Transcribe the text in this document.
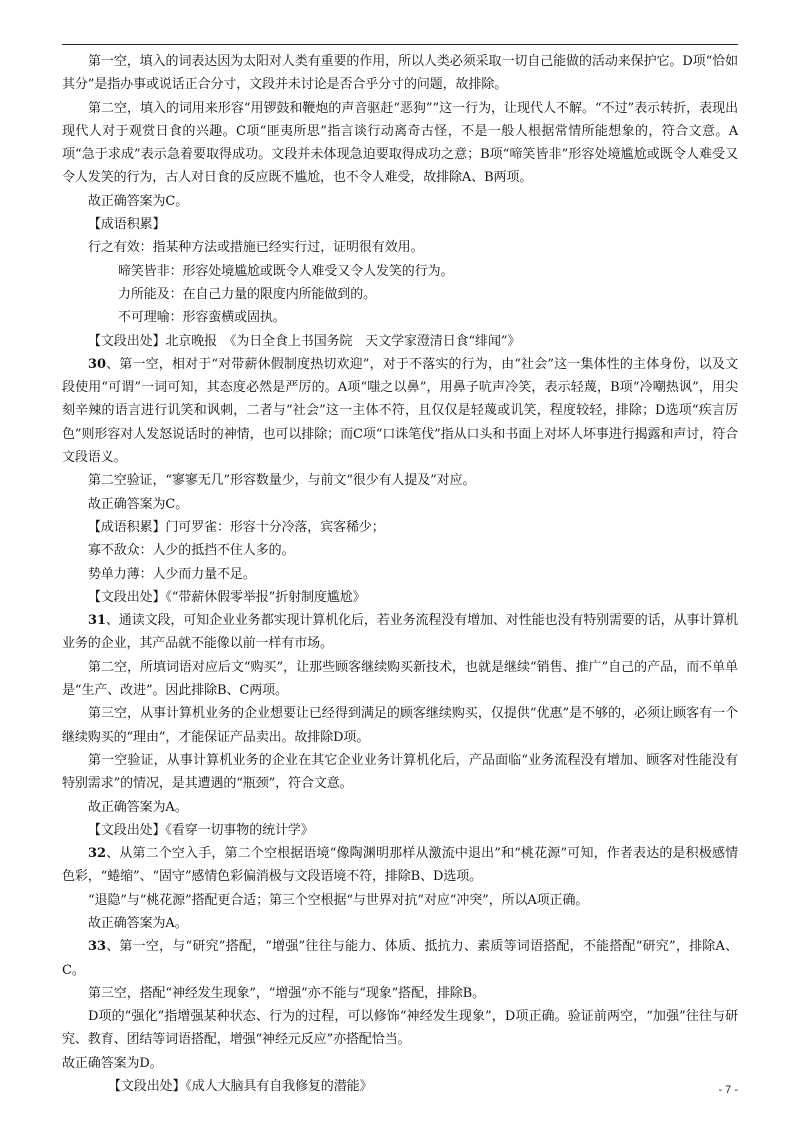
第一空，填入的词表达因为太阳对人类有重要的作用，所以人类必须采取一切自己能做的活动来保护它。D项“恰如其分”是指办事或说话正合分寸，文段并未讨论是否合乎分寸的问题，故排除。

第二空，填入的词用来形容“用锣鼓和鞭炮的声音驱赶“恶狗””这一行为，让现代人不解。“不过”表示转折，表现出现代人对于观赏日食的兴趣。C项“匪夷所思”指言谈行动离奇古怪，不是一般人根据常情所能想象的，符合文意。A项“急于求成”表示急着要取得成功。文段并未体现急迫要取得成功之意；B项“啼笑皆非”形容处境尴尬或既令人难受又令人发笑的行为，古人对日食的反应既不尴尬，也不令人难受，故排除A、B两项。

故正确答案为C。

【成语积累】

行之有效：指某种方法或措施已经实行过，证明很有效用。

啼笑皆非：形容处境尴尬或既令人难受又令人发笑的行为。

力所能及：在自己力量的限度内所能做到的。

不可理喻：形容蛮横或固执。

【文段出处】北京晚报　《为日全食上书国务院　天文学家澄清日食“绯闻”》

30、第一空，相对于“对带薪休假制度热切欢迎”，对于不落实的行为，由“社会”这一集体性的主体身份，以及文段使用“可谓”一词可知，其态度必然是严厉的。A项“嗤之以鼻”，用鼻子吭声冷笑，表示轻蔑，B项“冷嘲热讽”，用尖刻辛辣的语言进行讥笑和讽刺，二者与“社会”这一主体不符，且仅仅是轻蔑或讥笑，程度较轻，排除；D选项“疾言厉色”则形容对人发怒说话时的神情，也可以排除；而C项“口诛笔伐”指从口头和书面上对坏人坏事进行揭露和声讨，符合文段语义。

第二空验证，“寥寥无几”形容数量少，与前文“很少有人提及”对应。

故正确答案为C。

【成语积累】门可罗雀：形容十分冷落，宾客稀少；

寡不敌众：人少的抵挡不住人多的。

势单力薄：人少而力量不足。

【文段出处】《“带薪休假零举报”折射制度尴尬》

31、通读文段，可知企业业务都实现计算机化后，若业务流程没有增加、对性能也没有特别需要的话，从事计算机业务的企业，其产品就不能像以前一样有市场。

第二空，所填词语对应后文“购买”，让那些顾客继续购买新技术，也就是继续“销售、推广”自己的产品，而不单单是“生产、改进”。因此排除B、C两项。

第三空，从事计算机业务的企业想要让已经得到满足的顾客继续购买，仅提供“优惠”是不够的，必须让顾客有一个继续购买的“理由”，才能保证产品卖出。故排除D项。

第一空验证，从事计算机业务的企业在其它企业业务计算机化后，产品面临“业务流程没有增加、顾客对性能没有特别需求”的情况，是其遭遇的“瓶颈”，符合文意。

故正确答案为A。

【文段出处】《看穿一切事物的统计学》

32、从第二个空入手，第二个空根据语境“像陶渊明那样从激流中退出”和“桃花源”可知，作者表达的是积极感情色彩，“蜷缩”、“固守”感情色彩偏消极与文段语境不符，排除B、D选项。

“退隐”与“桃花源”搭配更合适；第三个空根据“与世界对抗”对应“冲突”，所以A项正确。

故正确答案为A。

33、第一空，与“研究”搭配，“增强”往往与能力、体质、抵抗力、素质等词语搭配，不能搭配“研究”，排除A、C。

第三空，搭配“神经发生现象”，“增强”亦不能与“现象”搭配，排除B。

D项的“强化”指增强某种状态、行为的过程，可以修饰“神经发生现象”，D项正确。验证前两空，“加强”往往与研究、教育、团结等词语搭配，增强“神经元反应”亦搭配恰当。

故正确答案为D。

【文段出处】《成人大脑具有自我修复的潜能》	- 7 -
